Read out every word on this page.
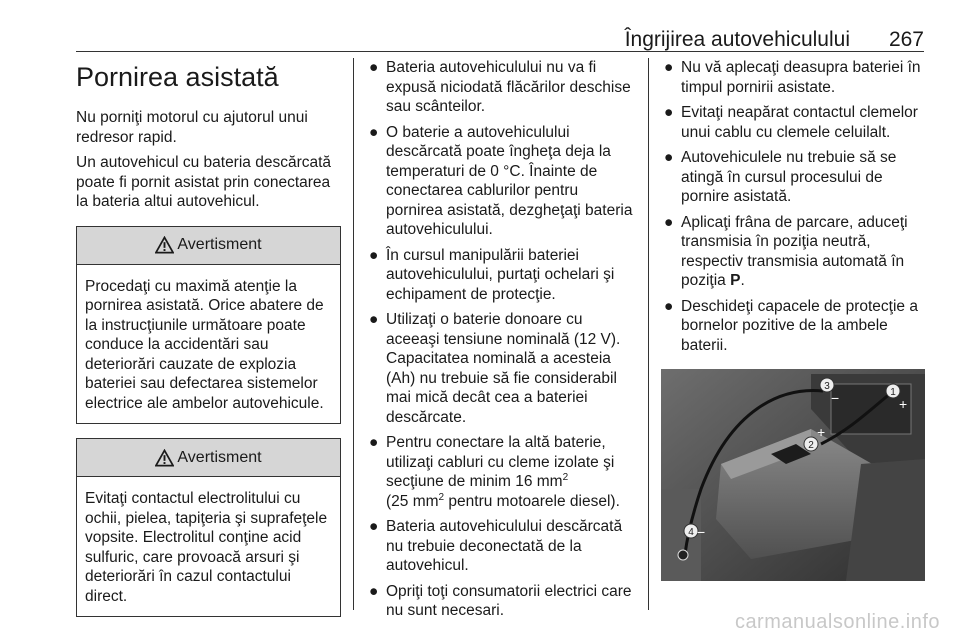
Îngrijirea autovehiculului 267
Pornirea asistată

Nu porniţi motorul cu ajutorul unui redresor rapid.

Un autovehicul cu bateria descărcată poate fi pornit asistat prin conectarea la bateria altui autovehicul.

Avertisment
Procedaţi cu maximă atenţie la pornirea asistată. Orice abatere de la instrucţiunile următoare poate conduce la accidentări sau deteriorări cauzate de explozia bateriei sau defectarea sistemelor electrice ale ambelor autovehicule.
Avertisment
Evitaţi contactul electrolitului cu ochii, pielea, tapiţeria şi suprafeţele vopsite. Electrolitul conţine acid sulfuric, care provoacă arsuri şi deteriorări în cazul contactului direct.
● Bateria autovehiculului nu va fi expusă niciodată flăcărilor deschise sau scânteilor.
● O baterie a autovehiculului descărcată poate îngheţa deja la temperaturi de 0 °C. Înainte de conectarea cablurilor pentru pornirea asistată, dezgheţaţi bateria autovehiculului.
● În cursul manipulării bateriei autovehiculului, purtaţi ochelari şi echipament de protecţie.
● Utilizaţi o baterie donoare cu aceeaşi tensiune nominală (12 V). Capacitatea nominală a acesteia (Ah) nu trebuie să fie considerabil mai mică decât cea a bateriei descărcate.
● Pentru conectare la altă baterie, utilizaţi cabluri cu cleme izolate şi secţiune de minim 16 $mm^2$
(25 $mm^2$ pentru motoarele diesel).
● Bateria autovehiculului descărcată nu trebuie deconectată de la autovehicul.
● Opriţi toţi consumatorii electrici care nu sunt necesari.
● Nu vă aplecaţi deasupra bateriei în timpul pornirii asistate.
● Evitaţi neapărat contactul clemelor unui cablu cu clemele celuilalt.
● Autovehiculele nu trebuie să se atingă în cursul procesului de pornire asistată.
● Aplicaţi frâna de parcare, aduceţi transmisia în poziţia neutră, respectiv transmisia automată în poziţia P.
● Deschideţi capacele de protecţie a bornelor pozitive de la ambele baterii.
1
2
3
4
+
+
−
−
carmanualsonline.info
